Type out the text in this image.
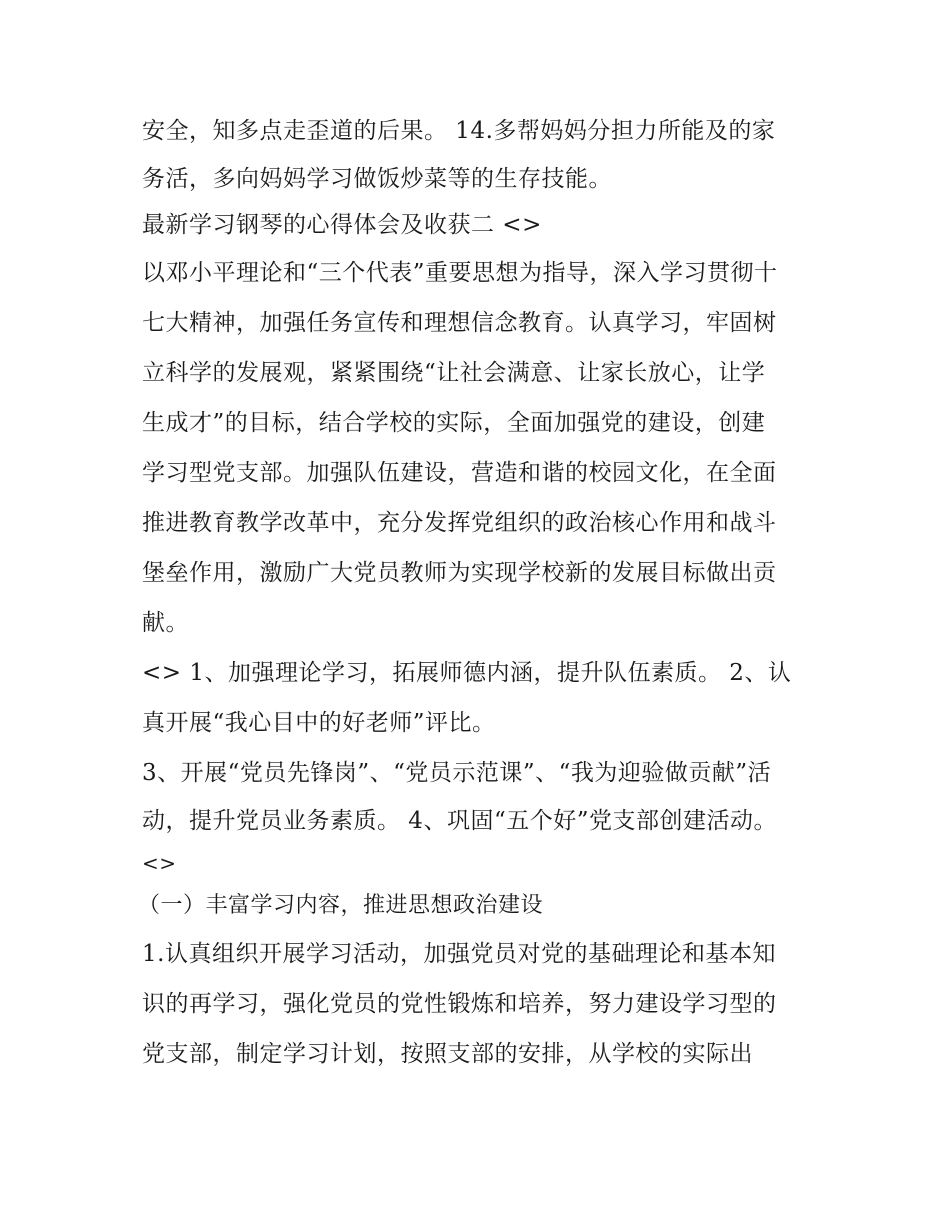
安全，知多点走歪道的后果。 14.多帮妈妈分担力所能及的家
务活，多向妈妈学习做饭炒菜等的生存技能。
最新学习钢琴的心得体会及收获二 <>
以邓小平理论和“三个代表”重要思想为指导，深入学习贯彻十
七大精神，加强任务宣传和理想信念教育。认真学习，牢固树
立科学的发展观，紧紧围绕“让社会满意、让家长放心，让学
生成才”的目标，结合学校的实际，全面加强党的建设，创建
学习型党支部。加强队伍建设，营造和谐的校园文化，在全面
推进教育教学改革中，充分发挥党组织的政治核心作用和战斗
堡垒作用，激励广大党员教师为实现学校新的发展目标做出贡
献。
<> 1、加强理论学习，拓展师德内涵，提升队伍素质。 2、认
真开展“我心目中的好老师”评比。
3、开展“党员先锋岗”、“党员示范课”、“我为迎验做贡献”活
动，提升党员业务素质。 4、巩固“五个好”党支部创建活动。
<>
（一）丰富学习内容，推进思想政治建设
1.认真组织开展学习活动，加强党员对党的基础理论和基本知
识的再学习，强化党员的党性锻炼和培养，努力建设学习型的
党支部，制定学习计划，按照支部的安排，从学校的实际出
